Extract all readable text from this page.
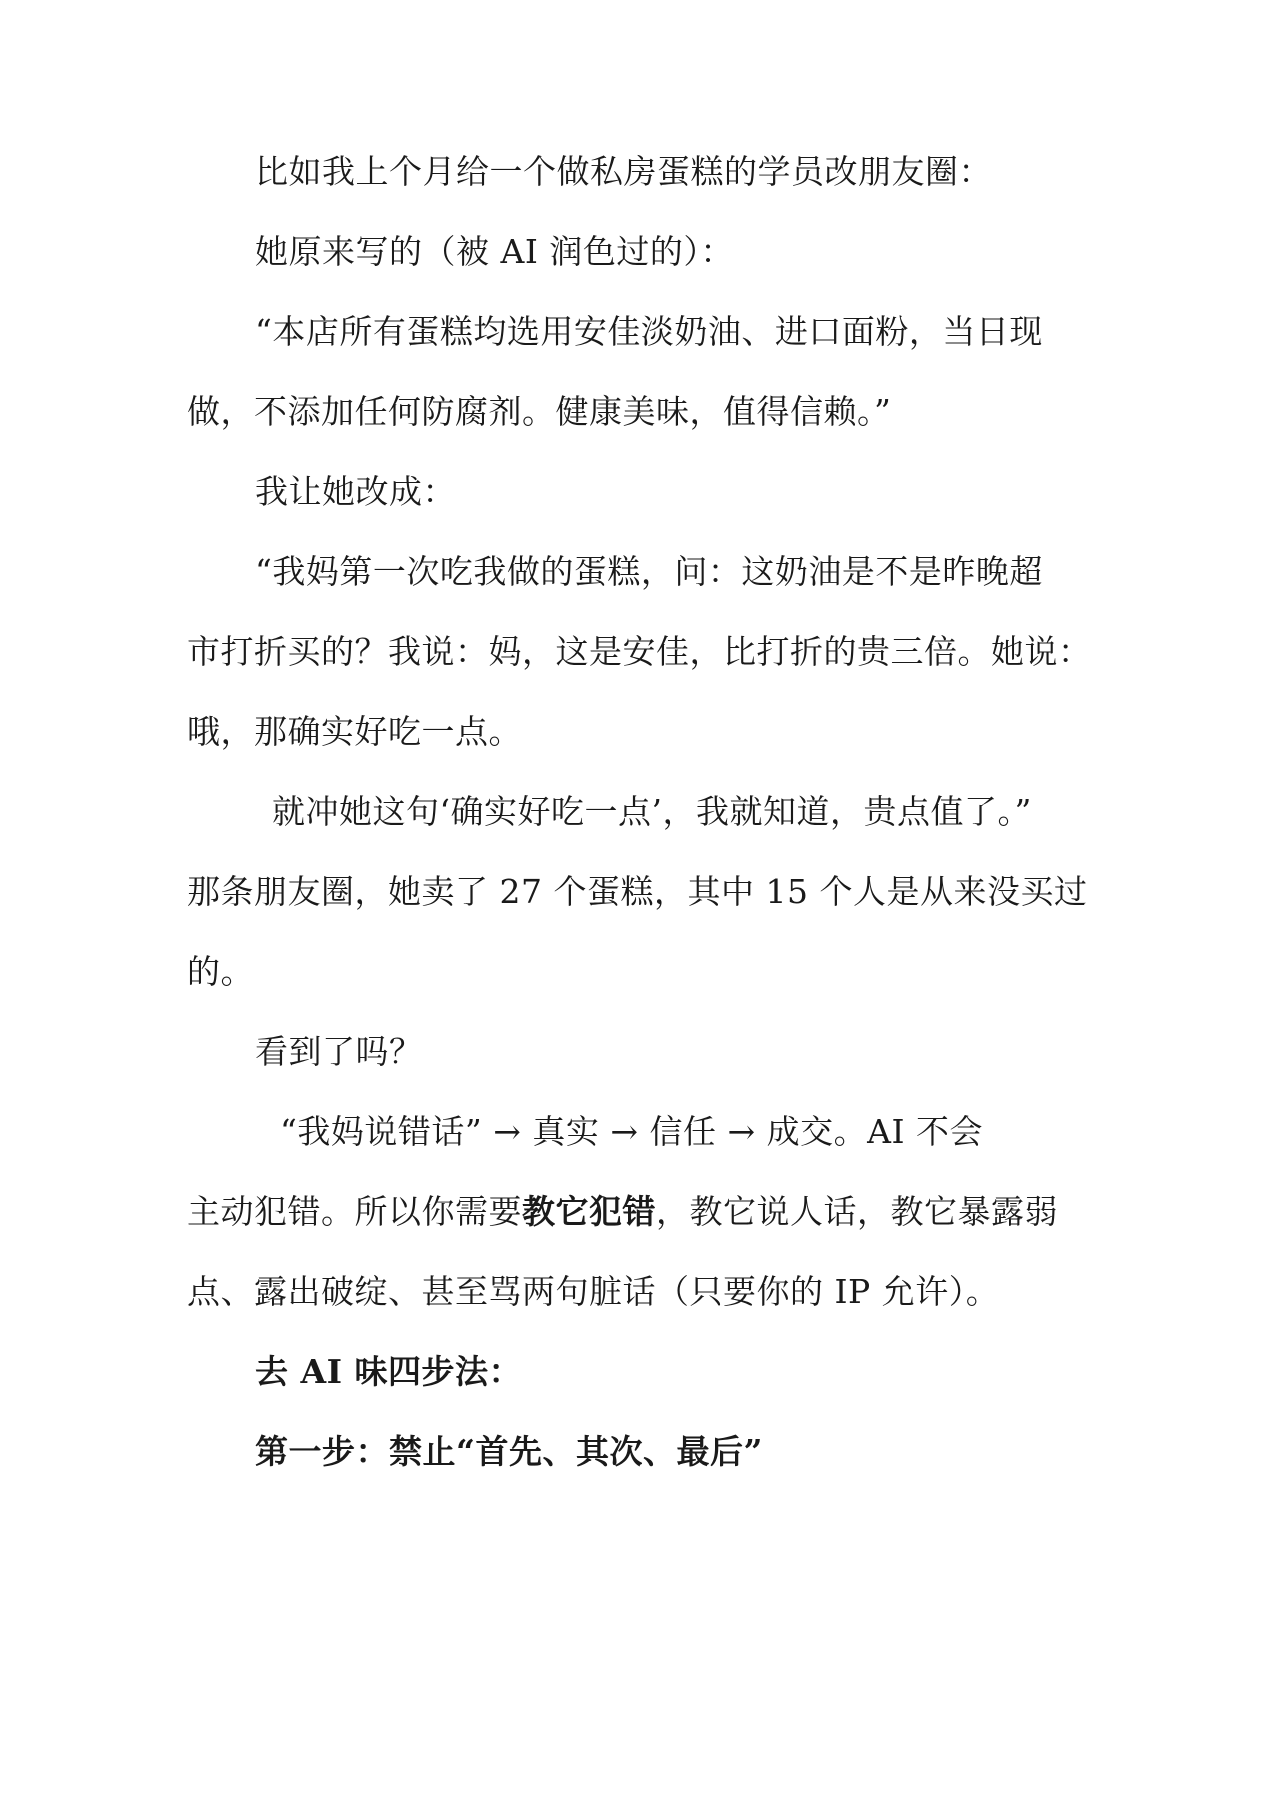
比如我上个月给一个做私房蛋糕的学员改朋友圈：
她原来写的（被 AI 润色过的）：
“本店所有蛋糕均选用安佳淡奶油、进口面粉，当日现
做，不添加任何防腐剂。健康美味，值得信赖。”
我让她改成：
“我妈第一次吃我做的蛋糕，问：这奶油是不是昨晚超
市打折买的？我说：妈，这是安佳，比打折的贵三倍。她说：
哦，那确实好吃一点。
就冲她这句‘确实好吃一点’，我就知道，贵点值了。”
那条朋友圈，她卖了 27 个蛋糕，其中 15 个人是从来没买过
的。
看到了吗？
“我妈说错话” → 真实 → 信任 → 成交。AI 不会
主动犯错。所以你需要教它犯错，教它说人话，教它暴露弱
点、露出破绽、甚至骂两句脏话（只要你的 IP 允许）。
去 AI 味四步法：
第一步：禁止“首先、其次、最后”
